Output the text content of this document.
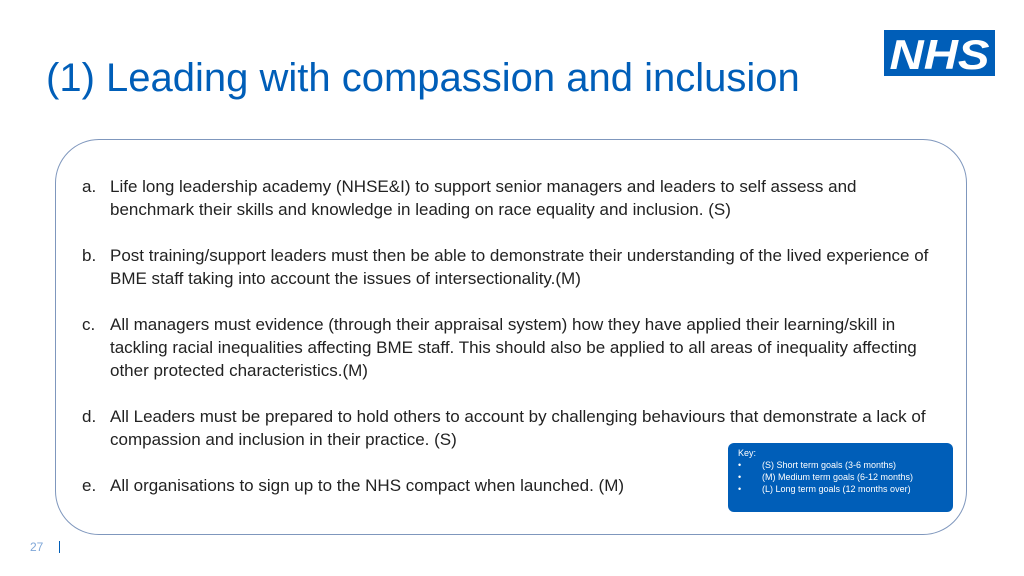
(1) Leading with compassion and inclusion NHS
a. Life long leadership academy (NHSE&I) to support senior managers and leaders to self assess and benchmark their skills and knowledge in leading on race equality and inclusion. (S)
b. Post training/support leaders must then be able to demonstrate their understanding of the lived experience of BME staff taking into account the issues of intersectionality.(M)
c. All managers must evidence (through their appraisal system) how they have applied their learning/skill in tackling racial inequalities affecting BME staff. This should also be applied to all areas of inequality affecting other protected characteristics.(M)
d. All Leaders must be prepared to hold others to account by challenging behaviours that demonstrate a lack of compassion and inclusion in their practice. (S)
e. All organisations to sign up to the NHS compact when launched. (M)
Key:
•	(S) Short term goals (3-6 months)
•	(M) Medium term goals (6-12 months)
•	(L) Long term goals (12 months over)
27
